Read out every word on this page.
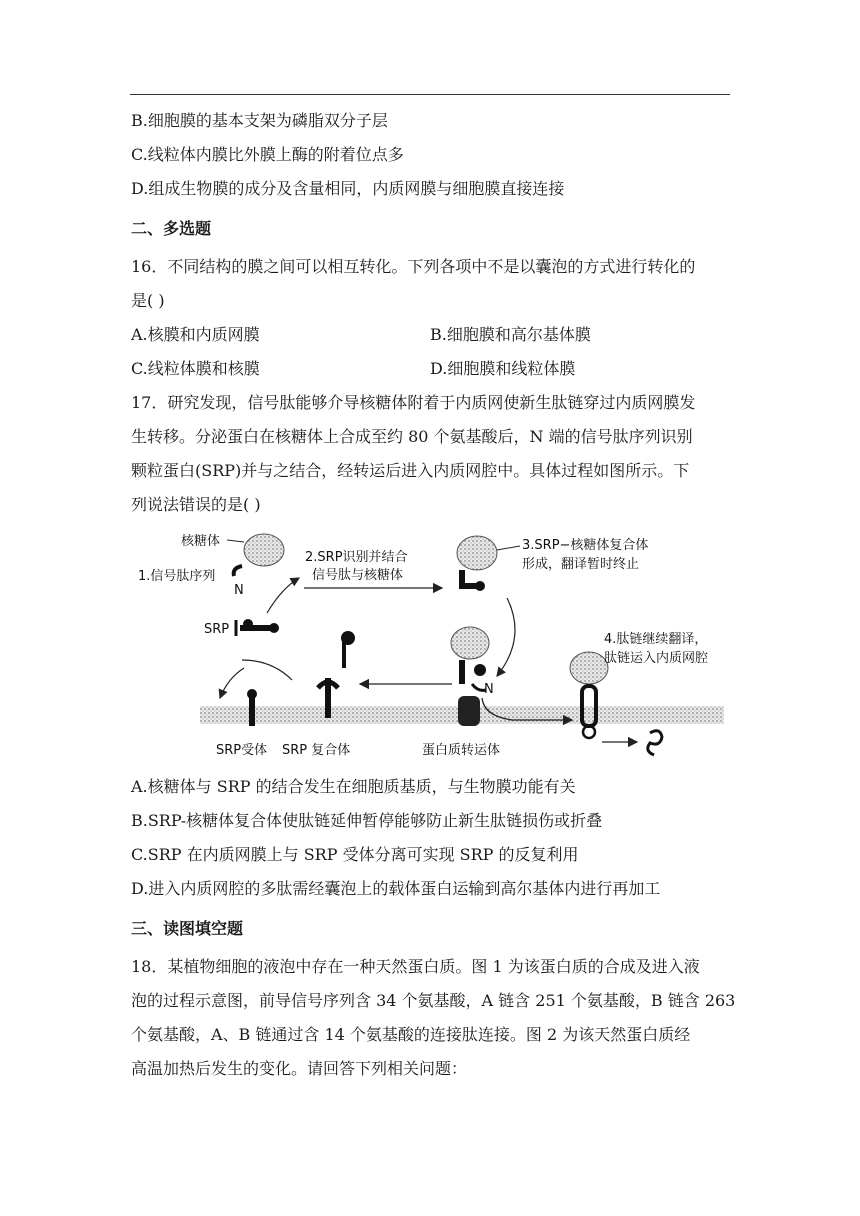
B.细胞膜的基本支架为磷脂双分子层
C.线粒体内膜比外膜上酶的附着位点多
D.组成生物膜的成分及含量相同，内质网膜与细胞膜直接连接
二、多选题
16．不同结构的膜之间可以相互转化。下列各项中不是以囊泡的方式进行转化的
是( )
A.核膜和内质网膜	B.细胞膜和高尔基体膜
C.线粒体膜和核膜	D.细胞膜和线粒体膜
17．研究发现，信号肽能够介导核糖体附着于内质网使新生肽链穿过内质网膜发
生转移。分泌蛋白在核糖体上合成至约 80 个氨基酸后，N 端的信号肽序列识别
颗粒蛋白(SRP)并与之结合，经转运后进入内质网腔中。具体过程如图所示。下
列说法错误的是( )
核糖体
1.信号肽序列
N
2.SRP识别并结合
信号肽与核糖体
SRP
3.SRP−核糖体复合体
形成，翻译暂时终止
N
SRP受体 SRP 复合体	蛋白质转运体
4.肽链继续翻译，
肽链运入内质网腔
A.核糖体与 SRP 的结合发生在细胞质基质，与生物膜功能有关
B.SRP-核糖体复合体使肽链延伸暂停能够防止新生肽链损伤或折叠
C.SRP 在内质网膜上与 SRP 受体分离可实现 SRP 的反复利用
D.进入内质网腔的多肽需经囊泡上的载体蛋白运输到高尔基体内进行再加工
三、读图填空题
18．某植物细胞的液泡中存在一种天然蛋白质。图 1 为该蛋白质的合成及进入液
泡的过程示意图，前导信号序列含 34 个氨基酸，A 链含 251 个氨基酸，B 链含 263
个氨基酸，A、B 链通过含 14 个氨基酸的连接肽连接。图 2 为该天然蛋白质经
高温加热后发生的变化。请回答下列相关问题：
